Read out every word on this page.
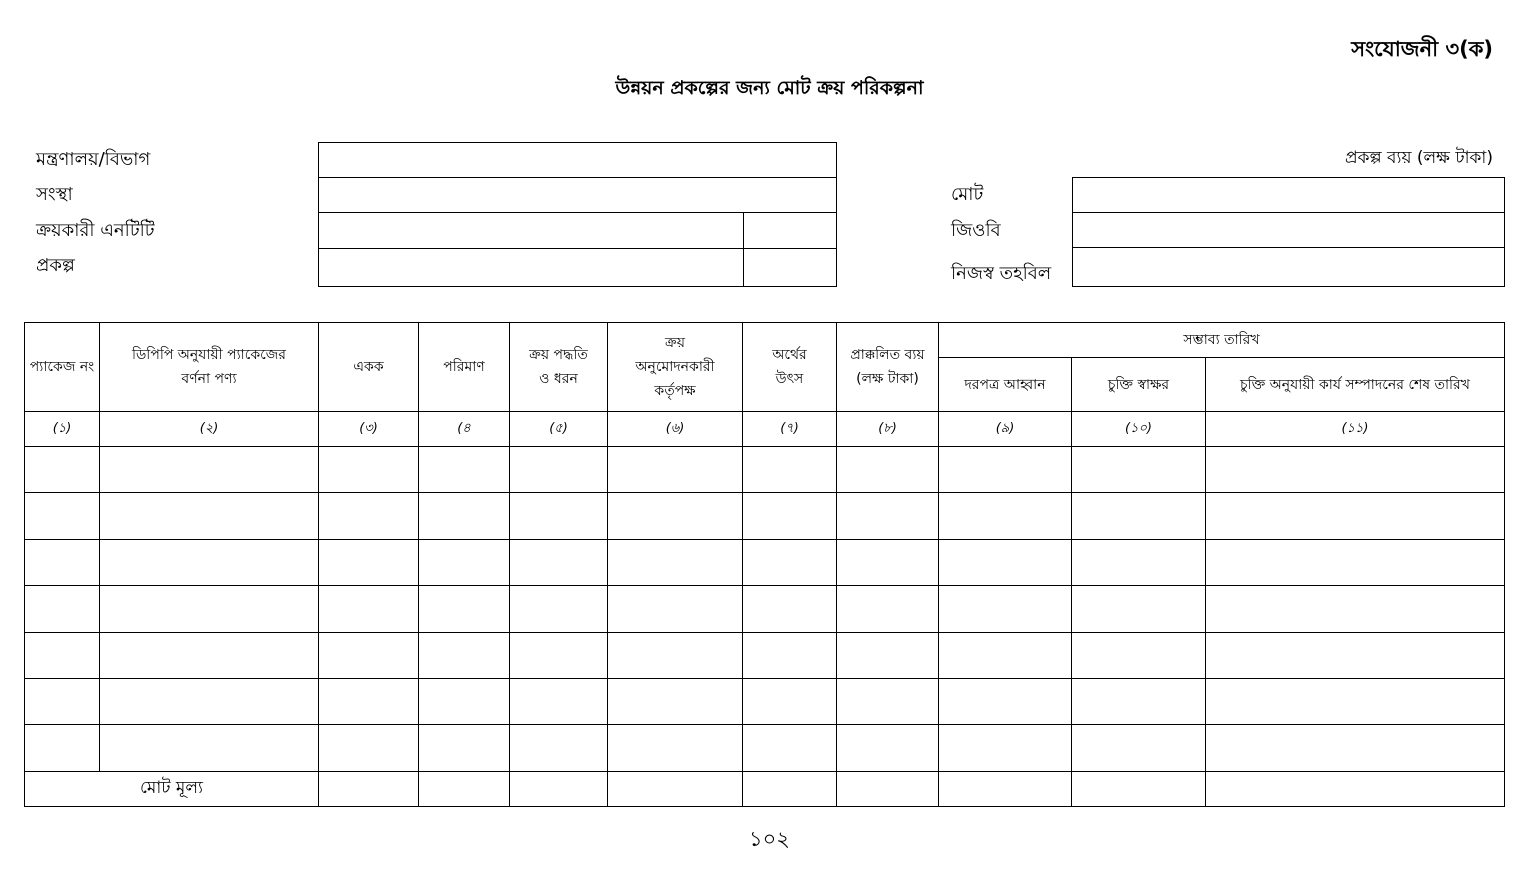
সংযোজনী ৩(ক)
উন্নয়ন প্রকল্পের জন্য মোট ক্রয় পরিকল্পনা
মন্ত্রণালয়/বিভাগ
সংস্থা
ক্রয়কারী এনটিটি
প্রকল্প
প্রকল্প ব্যয় (লক্ষ টাকা)
মোট
জিওবি
নিজস্ব তহবিল
প্যাকেজ নং	ডিপিপি অনুযায়ী প্যাকেজের বর্ণনা পণ্য	একক	পরিমাণ	ক্রয় পদ্ধতি ও ধরন	ক্রয় অনুমোদনকারী কর্তৃপক্ষ	অর্থের উৎস	প্রাক্কলিত ব্যয় (লক্ষ টাকা)	সম্ভাব্য তারিখ		
								দরপত্র আহ্বান	চুক্তি স্বাক্ষর	চুক্তি অনুযায়ী কার্য সম্পাদনের শেষ তারিখ
(১)	(২)	(৩)	(৪	(৫)	(৬)	(৭)	(৮)	(৯)	(১০)	(১১)

মোট মূল্য										
১০২
